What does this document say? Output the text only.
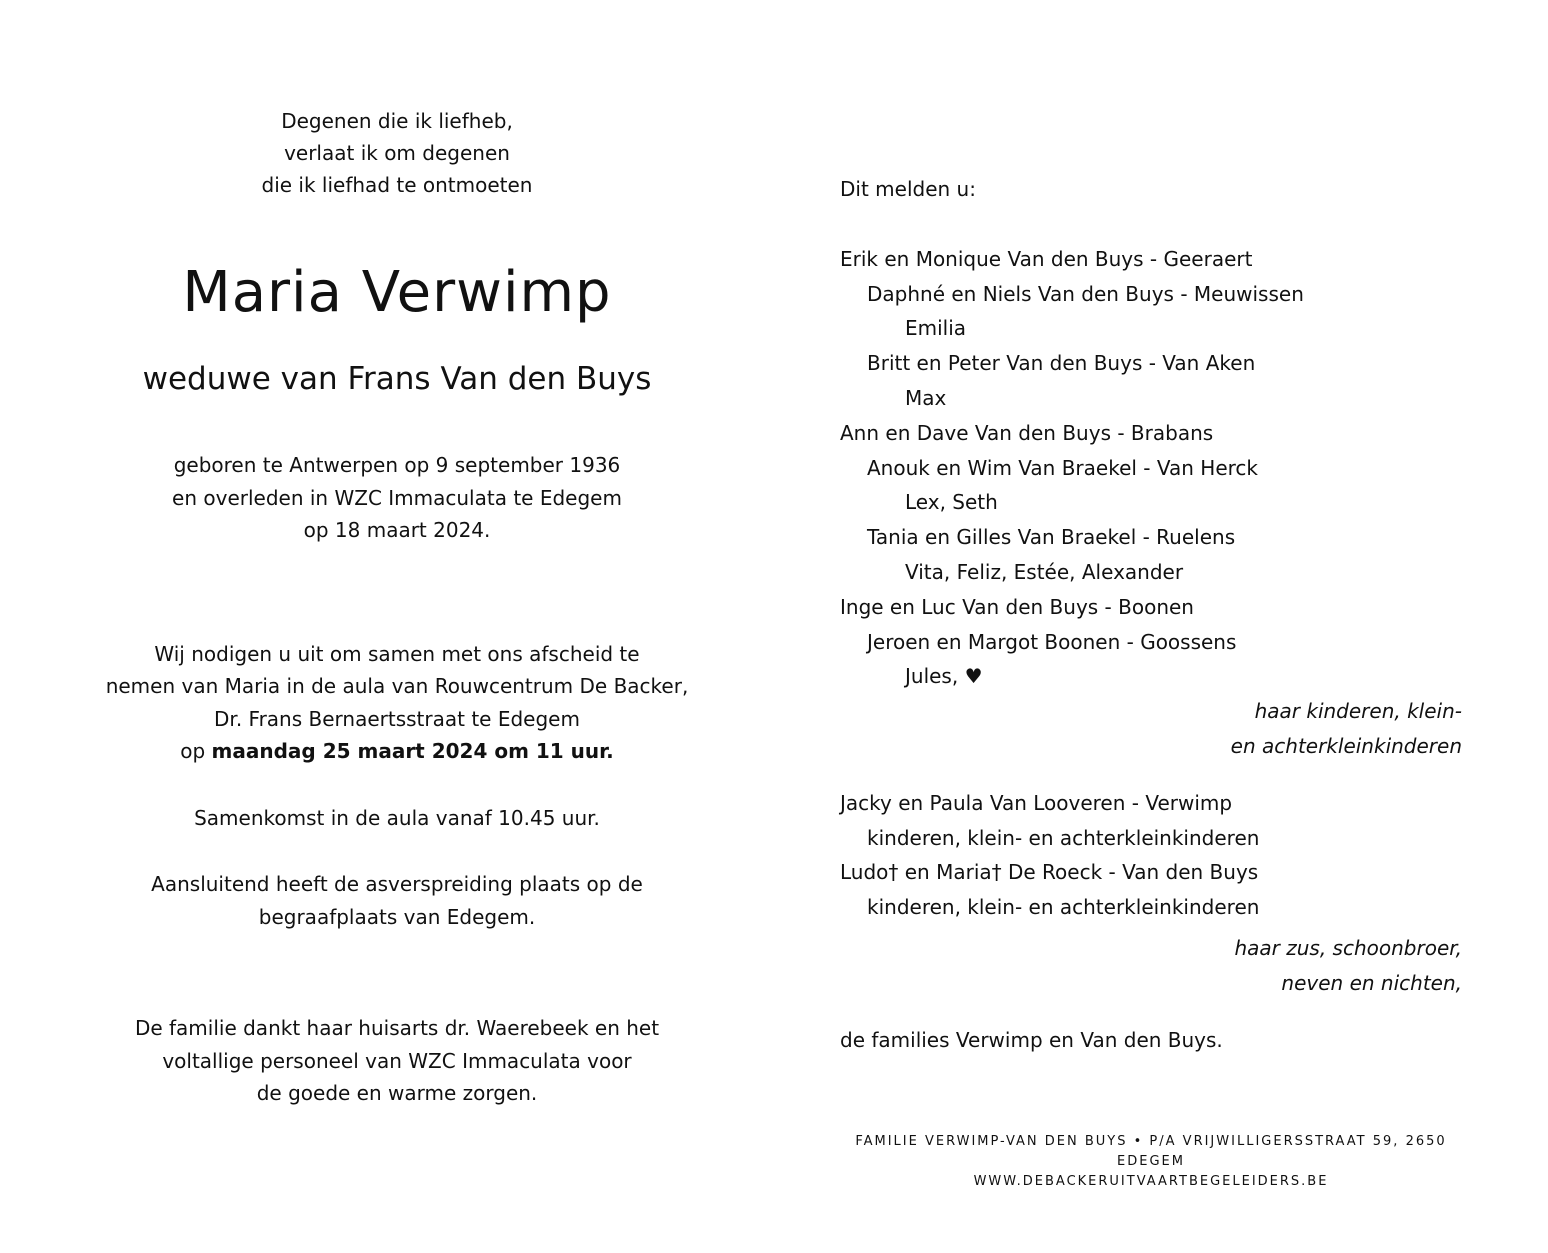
Degenen die ik liefheb,

verlaat ik om degenen

die ik liefhad te ontmoeten

Maria Verwimp

weduwe van Frans Van den Buys

geboren te Antwerpen op 9 september 1936

en overleden in WZC Immaculata te Edegem

op 18 maart 2024.

Wij nodigen u uit om samen met ons afscheid te

nemen van Maria in de aula van Rouwcentrum De Backer,

Dr. Frans Bernaertsstraat te Edegem

op maandag 25 maart 2024 om 11 uur.

Samenkomst in de aula vanaf 10.45 uur.

Aansluitend heeft de asverspreiding plaats op de

begraafplaats van Edegem.

De familie dankt haar huisarts dr. Waerebeek en het

voltallige personeel van WZC Immaculata voor

de goede en warme zorgen.

Dit melden u:
Erik en Monique Van den Buys - Geeraert
Daphné en Niels Van den Buys - Meuwissen
Emilia
Britt en Peter Van den Buys - Van Aken
Max
Ann en Dave Van den Buys - Brabans
Anouk en Wim Van Braekel - Van Herck
Lex, Seth
Tania en Gilles Van Braekel - Ruelens
Vita, Feliz, Estée, Alexander
Inge en Luc Van den Buys - Boonen
Jeroen en Margot Boonen - Goossens
Jules, ♥
haar kinderen, klein-
en achterkleinkinderen
Jacky en Paula Van Looveren - Verwimp
kinderen, klein- en achterkleinkinderen
Ludo† en Maria† De Roeck - Van den Buys
kinderen, klein- en achterkleinkinderen
haar zus, schoonbroer,
neven en nichten,
de families Verwimp en Van den Buys.
FAMILIE VERWIMP-VAN DEN BUYS • P/A VRIJWILLIGERSSTRAAT 59, 2650 EDEGEM
WWW.DEBACKERUITVAARTBEGELEIDERS.BE
